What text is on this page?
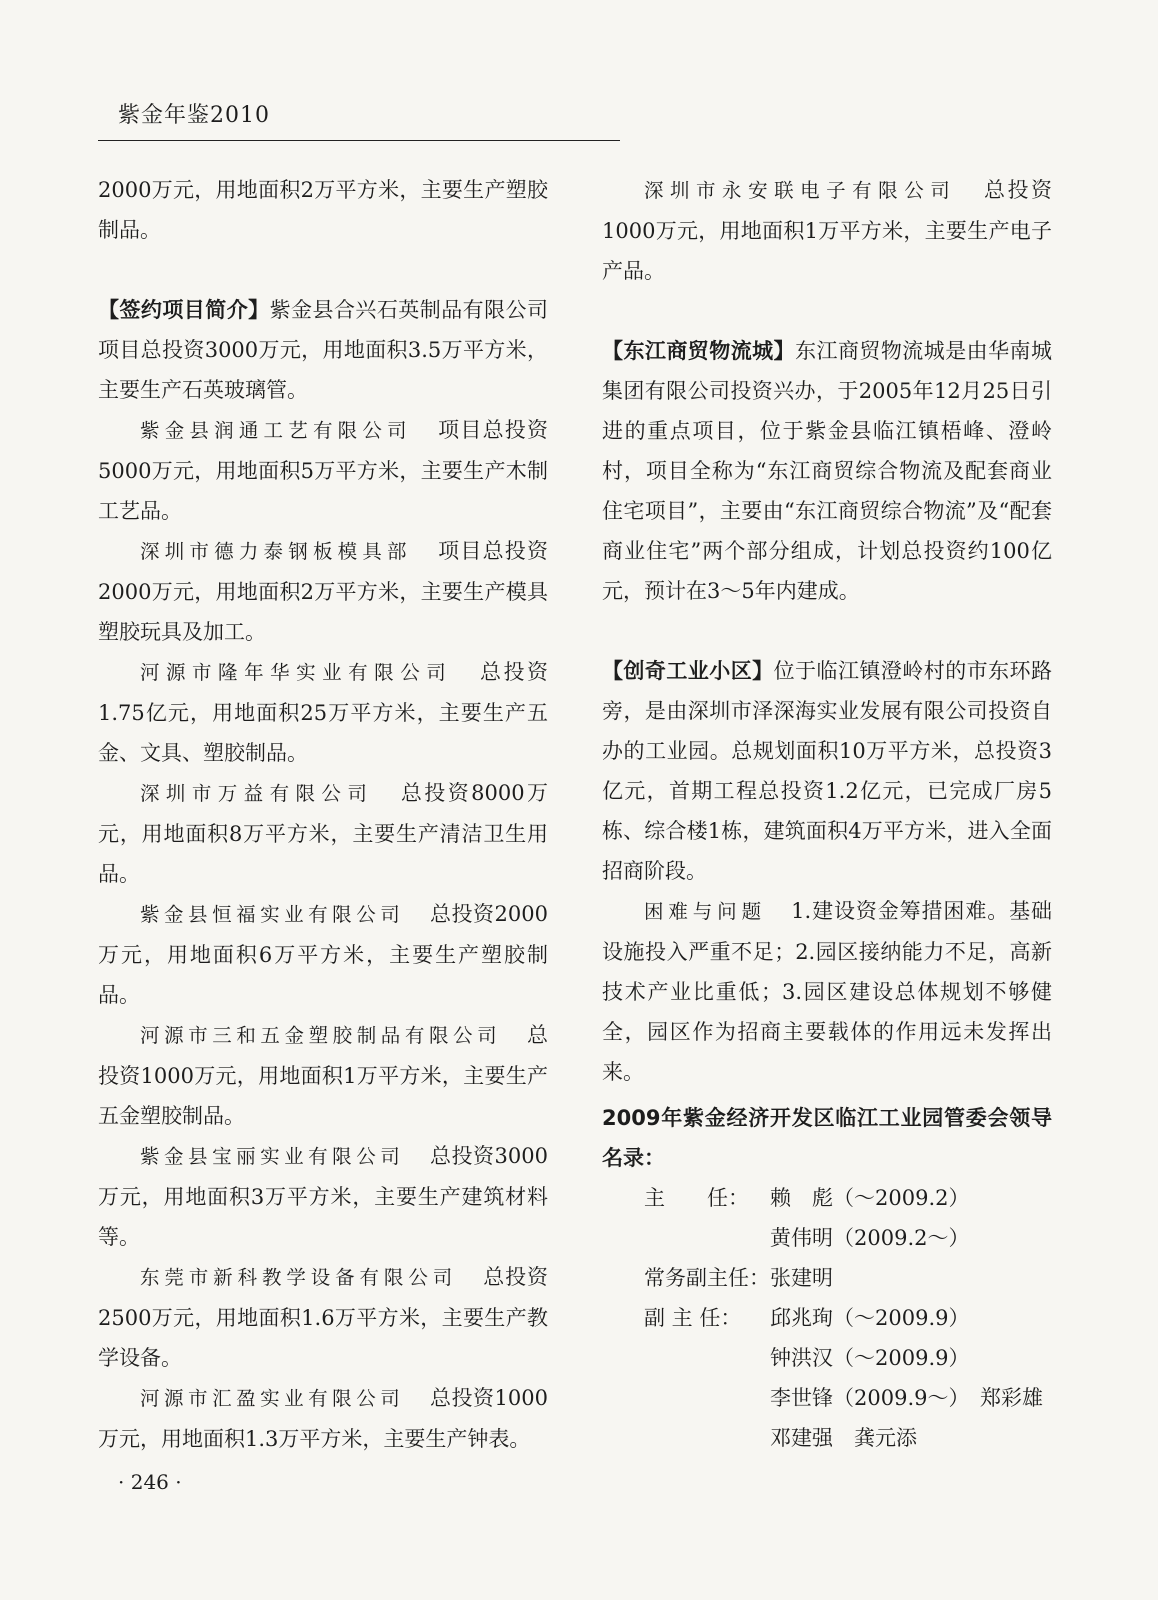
紫金年鉴2010

2000万元，用地面积2万平方米，主要生产塑胶制品。

【签约项目简介】紫金县合兴石英制品有限公司 项目总投资3000万元，用地面积3.5万平方米，主要生产石英玻璃管。

紫金县润通工艺有限公司 项目总投资5000万元，用地面积5万平方米，主要生产木制工艺品。

深圳市德力泰钢板模具部 项目总投资2000万元，用地面积2万平方米，主要生产模具塑胶玩具及加工。

河源市隆年华实业有限公司 总投资1.75亿元，用地面积25万平方米，主要生产五金、文具、塑胶制品。

深圳市万益有限公司 总投资8000万元，用地面积8万平方米，主要生产清洁卫生用品。

紫金县恒福实业有限公司 总投资2000万元，用地面积6万平方米，主要生产塑胶制品。

河源市三和五金塑胶制品有限公司 总投资1000万元，用地面积1万平方米，主要生产五金塑胶制品。

紫金县宝丽实业有限公司 总投资3000万元，用地面积3万平方米，主要生产建筑材料等。

东莞市新科教学设备有限公司 总投资2500万元，用地面积1.6万平方米，主要生产教学设备。

河源市汇盈实业有限公司 总投资1000万元，用地面积1.3万平方米，主要生产钟表。

深圳市永安联电子有限公司 总投资1000万元，用地面积1万平方米，主要生产电子产品。

【东江商贸物流城】东江商贸物流城是由华南城集团有限公司投资兴办，于2005年12月25日引进的重点项目，位于紫金县临江镇梧峰、澄岭村，项目全称为“东江商贸综合物流及配套商业住宅项目”，主要由“东江商贸综合物流”及“配套商业住宅”两个部分组成，计划总投资约100亿元，预计在3～5年内建成。

【创奇工业小区】位于临江镇澄岭村的市东环路旁，是由深圳市泽深海实业发展有限公司投资自办的工业园。总规划面积10万平方米，总投资3亿元，首期工程总投资1.2亿元，已完成厂房5栋、综合楼1栋，建筑面积4万平方米，进入全面招商阶段。

困难与问题 1.建设资金筹措困难。基础设施投入严重不足；2.园区接纳能力不足，高新技术产业比重低；3.园区建设总体规划不够健全，园区作为招商主要载体的作用远未发挥出来。

2009年紫金经济开发区临江工业园管委会领导名录：

主　　任：	赖　彪（～2009.2）
黄伟明（2009.2～）
常务副主任： 张建明
副 主 任：	邱兆珣（～2009.9）
钟洪汉（～2009.9）
李世锋（2009.9～）　郑彩雄
邓建强　龚元添
· 246 ·
